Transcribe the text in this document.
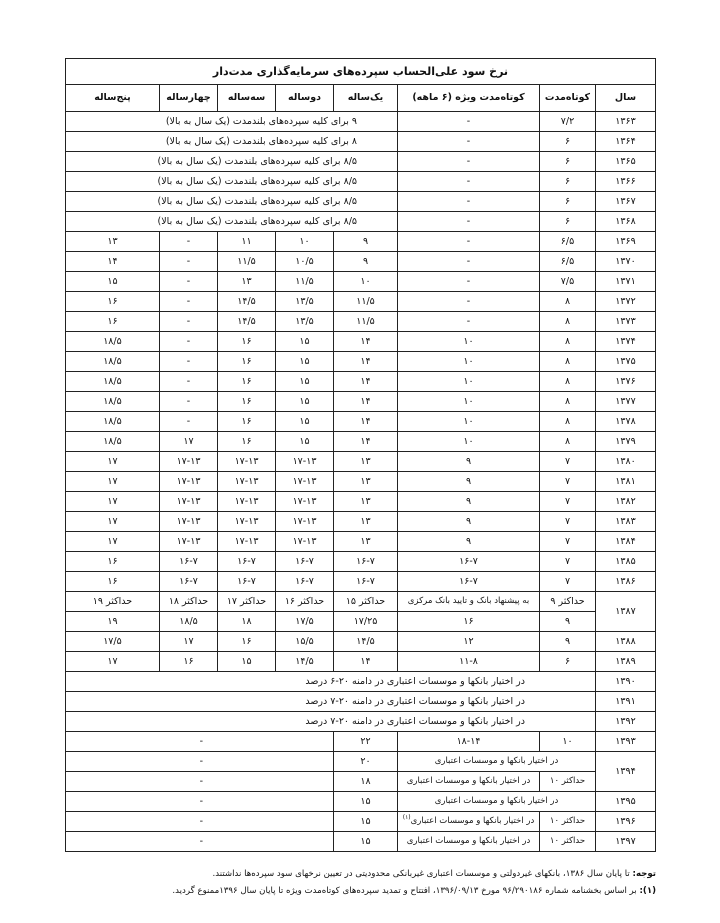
نرخ سود علی‌الحساب سپرده‌های سرمایه‌گذاری مدت‌دار							
سال	کوتاه‌مدت	کوتاه‌مدت ویژه (۶ ماهه)	یک‌ساله	دوساله	سه‌ساله	چهارساله	پنج‌ساله
۱۳۶۳	۷/۲	-	۹ برای کلیه سپرده‌های بلندمدت (یک سال به بالا)				
۱۳۶۴	۶	-	۸ برای کلیه سپرده‌های بلندمدت (یک سال به بالا)				
۱۳۶۵	۶	-	۸/۵ برای کلیه سپرده‌های بلندمدت (یک سال به بالا)				
۱۳۶۶	۶	-	۸/۵ برای کلیه سپرده‌های بلندمدت (یک سال به بالا)				
۱۳۶۷	۶	-	۸/۵ برای کلیه سپرده‌های بلندمدت (یک سال به بالا)				
۱۳۶۸	۶	-	۸/۵ برای کلیه سپرده‌های بلندمدت (یک سال به بالا)				
۱۳۶۹	۶/۵	-	۹	۱۰	۱۱	-	۱۳
۱۳۷۰	۶/۵	-	۹	۱۰/۵	۱۱/۵	-	۱۴
۱۳۷۱	۷/۵	-	۱۰	۱۱/۵	۱۳	-	۱۵
۱۳۷۲	۸	-	۱۱/۵	۱۳/۵	۱۴/۵	-	۱۶
۱۳۷۳	۸	-	۱۱/۵	۱۳/۵	۱۴/۵	-	۱۶
۱۳۷۴	۸	۱۰	۱۴	۱۵	۱۶	-	۱۸/۵
۱۳۷۵	۸	۱۰	۱۴	۱۵	۱۶	-	۱۸/۵
۱۳۷۶	۸	۱۰	۱۴	۱۵	۱۶	-	۱۸/۵
۱۳۷۷	۸	۱۰	۱۴	۱۵	۱۶	-	۱۸/۵
۱۳۷۸	۸	۱۰	۱۴	۱۵	۱۶	-	۱۸/۵
۱۳۷۹	۸	۱۰	۱۴	۱۵	۱۶	۱۷	۱۸/۵
۱۳۸۰	۷	۹	۱۳	۱۷-۱۳	۱۷-۱۳	۱۷-۱۳	۱۷
۱۳۸۱	۷	۹	۱۳	۱۷-۱۳	۱۷-۱۳	۱۷-۱۳	۱۷
۱۳۸۲	۷	۹	۱۳	۱۷-۱۳	۱۷-۱۳	۱۷-۱۳	۱۷
۱۳۸۳	۷	۹	۱۳	۱۷-۱۳	۱۷-۱۳	۱۷-۱۳	۱۷
۱۳۸۴	۷	۹	۱۳	۱۷-۱۳	۱۷-۱۳	۱۷-۱۳	۱۷
۱۳۸۵	۷	۱۶-۷	۱۶-۷	۱۶-۷	۱۶-۷	۱۶-۷	۱۶
۱۳۸۶	۷	۱۶-۷	۱۶-۷	۱۶-۷	۱۶-۷	۱۶-۷	۱۶
۱۳۸۷	حداکثر ۹	به پیشنهاد بانک و تایید بانک مرکزی	حداکثر ۱۵	حداکثر ۱۶	حداکثر ۱۷	حداکثر ۱۸	حداکثر ۱۹
	۹	۱۶	۱۷/۲۵	۱۷/۵	۱۸	۱۸/۵	۱۹
۱۳۸۸	۹	۱۲	۱۴/۵	۱۵/۵	۱۶	۱۷	۱۷/۵
۱۳۸۹	۶	۱۱-۸	۱۴	۱۴/۵	۱۵	۱۶	۱۷
۱۳۹۰	در اختیار بانکها و موسسات اعتباری در دامنه ۲۰-۶ درصد						
۱۳۹۱	در اختیار بانکها و موسسات اعتباری در دامنه ۲۰-۷ درصد						
۱۳۹۲	در اختیار بانکها و موسسات اعتباری در دامنه ۲۰-۷ درصد						
۱۳۹۳	۱۰	۱۸-۱۴	۲۲	-			
۱۳۹۴	در اختیار بانکها و موسسات اعتباری		۲۰	-			
	حداکثر ۱۰	در اختیار بانکها و موسسات اعتباری	۱۸	-			
۱۳۹۵	در اختیار بانکها و موسسات اعتباری		۱۵	-			
۱۳۹۶	حداکثر ۱۰	در اختیار بانکها و موسسات اعتباری$^{(۱)}$	۱۵	-			
۱۳۹۷	حداکثر ۱۰	در اختیار بانکها و موسسات اعتباری	۱۵	-			
توجه: تا پایان سال ۱۳۸۶، بانکهای غیردولتی و موسسات اعتباری غیربانکی محدودیتی در تعیین نرخهای سود سپرده‌ها نداشتند.
(۱): بر اساس بخشنامه شماره ۹۶/۲۹۰۱۸۶ مورخ ۱۳۹۶/۰۹/۱۳، افتتاح و تمدید سپرده‌های کوتاه‌مدت ویژه تا پایان سال ۱۳۹۶ممنوع گردید.
